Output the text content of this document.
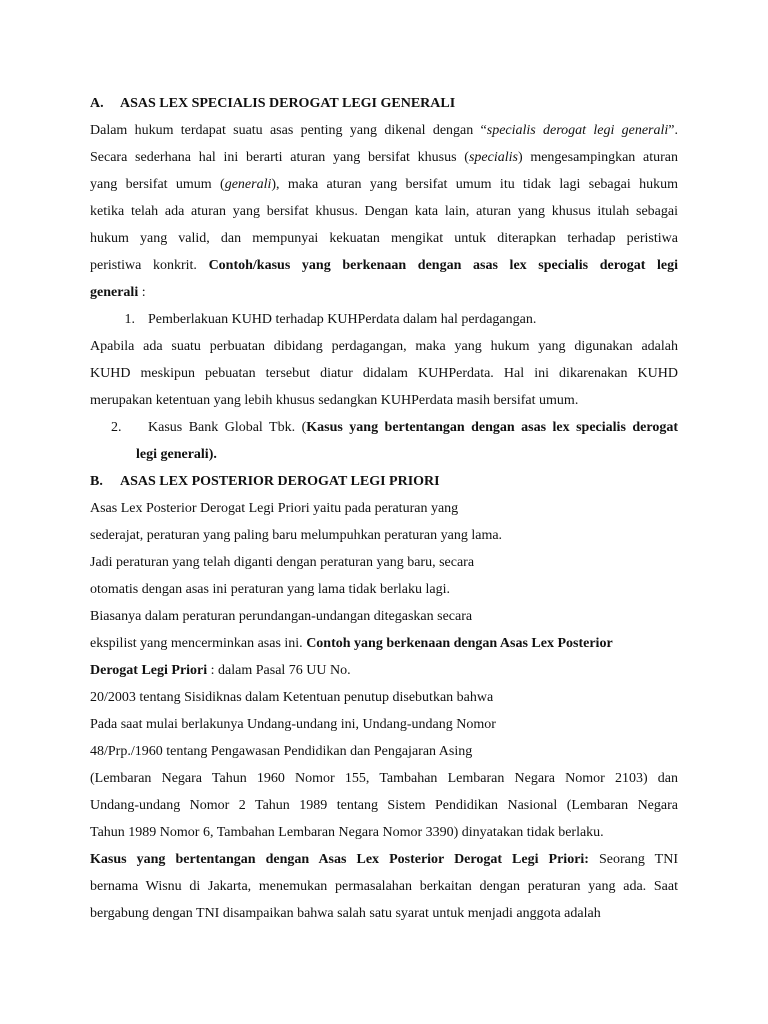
A. ASAS LEX SPECIALIS DEROGAT LEGI GENERALI
Dalam hukum terdapat suatu asas penting yang dikenal dengan “specialis derogat legi generali”.
Secara sederhana hal ini berarti aturan yang bersifat khusus (specialis) mengesampingkan aturan
yang bersifat umum (generali), maka aturan yang bersifat umum itu tidak lagi sebagai hukum
ketika telah ada aturan yang bersifat khusus. Dengan kata lain, aturan yang khusus itulah sebagai
hukum yang valid, dan mempunyai kekuatan mengikat untuk diterapkan terhadap peristiwa
peristiwa konkrit. Contoh/kasus yang berkenaan dengan asas lex specialis derogat legi
generali :
1. Pemberlakuan KUHD terhadap KUHPerdata dalam hal perdagangan.
Apabila ada suatu perbuatan dibidang perdagangan, maka yang hukum yang digunakan adalah
KUHD meskipun pebuatan tersebut diatur didalam KUHPerdata. Hal ini dikarenakan KUHD
merupakan ketentuan yang lebih khusus sedangkan KUHPerdata masih bersifat umum.
2. Kasus Bank Global Tbk. (Kasus yang bertentangan dengan asas lex specialis derogat
legi generali).
B. ASAS LEX POSTERIOR DEROGAT LEGI PRIORI
Asas Lex Posterior Derogat Legi Priori yaitu pada peraturan yang
sederajat, peraturan yang paling baru melumpuhkan peraturan yang lama.
Jadi peraturan yang telah diganti dengan peraturan yang baru, secara
otomatis dengan asas ini peraturan yang lama tidak berlaku lagi.
Biasanya dalam peraturan perundangan-undangan ditegaskan secara
ekspilist yang mencerminkan asas ini. Contoh yang berkenaan dengan Asas Lex Posterior
Derogat Legi Priori : dalam Pasal 76 UU No.
20/2003 tentang Sisidiknas dalam Ketentuan penutup disebutkan bahwa
Pada saat mulai berlakunya Undang-undang ini, Undang-undang Nomor
48/Prp./1960 tentang Pengawasan Pendidikan dan Pengajaran Asing
(Lembaran Negara Tahun 1960 Nomor 155, Tambahan Lembaran Negara Nomor 2103) dan
Undang-undang Nomor 2 Tahun 1989 tentang Sistem Pendidikan Nasional (Lembaran Negara
Tahun 1989 Nomor 6, Tambahan Lembaran Negara Nomor 3390) dinyatakan tidak berlaku.
Kasus yang bertentangan dengan Asas Lex Posterior Derogat Legi Priori: Seorang TNI
bernama Wisnu di Jakarta, menemukan permasalahan berkaitan dengan peraturan yang ada. Saat
bergabung dengan TNI disampaikan bahwa salah satu syarat untuk menjadi anggota adalah
